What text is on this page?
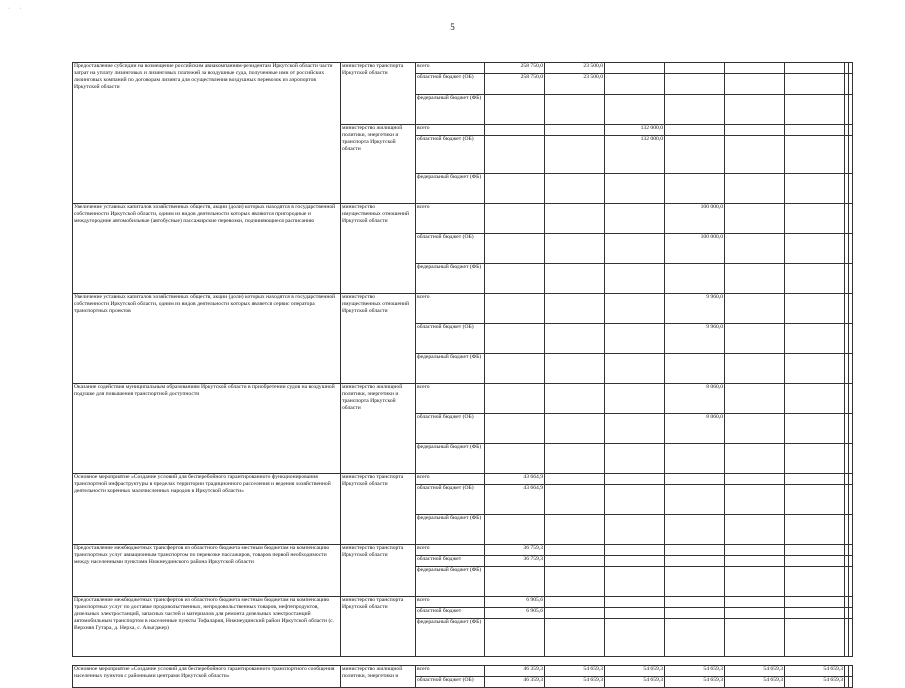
· ·
5
Предоставление субсидии на возмещение российским авиакомпаниям-резидентам Иркутской области части затрат на уплату лизинговых и лизинговых платежей за воздушные суда, полученные ими от российских лизинговых компаний по договорам лизинга для осуществления воздушных перевозок из аэропортов Иркутской области	министерство транспорта Иркутской области	всего	258 750,0	23 500,0						
		областной бюджет (ОБ)	258 750,0	23 500,0						
		федеральный бюджет (ФБ)								
	министерство жилищной политики, энергетики и транспорта Иркутской области	всего			132 000,0					
		областной бюджет (ОБ)			132 000,0					
		федеральный бюджет (ФБ)								
Увеличение уставных капиталов хозяйственных обществ, акции (доли) которых находятся в государственной собственности Иркутской области, одним из видов деятельности которых являются пригородные и междугородние автомобильные (автобусные) пассажирские перевозки, подчиняющиеся расписанию	министерство имущественных отношений Иркутской области	всего				100 000,0				
		областной бюджет (ОБ)				100 000,0				
		федеральный бюджет (ФБ)								
Увеличение уставных капиталов хозяйственных обществ, акции (доли) которых находятся в государственной собственности Иркутской области, одним из видов деятельности которых является сервис оператора транспортных проектов	министерство имущественных отношений Иркутской области	всего				9 960,0				
		областной бюджет (ОБ)				9 960,0				
		федеральный бюджет (ФБ)								
Оказание содействия муниципальным образованиям Иркутской области в приобретении судов на воздушной подушке для повышения транспортной доступности	министерство жилищной политики, энергетики и транспорта Иркутской области	всего				8 060,0				
		областной бюджет (ОБ)				8 060,0				
		федеральный бюджет (ФБ)								
Основное мероприятие «Создание условий для бесперебойного гарантированного функционирования транспортной инфраструктуры в пределах территории традиционного расселения и ведения хозяйственной деятельности коренных малочисленных народов в Иркутской области»	министерство транспорта Иркутской области	всего	43 664,9							
		областной бюджет (ОБ)	43 664,9							
		федеральный бюджет (ФБ)								
Предоставление межбюджетных трансфертов из областного бюджета местным бюджетам на компенсацию транспортных услуг авиационным транспортом по перевозке пассажиров, товаров первой необходимости между населенными пунктами Нижнеудинского района Иркутской области	министерство транспорта Иркутской области	всего	36 759,3							
		областной бюджет	36 759,3							
		федеральный бюджет (ФБ)								
Предоставление межбюджетных трансфертов из областного бюджета местным бюджетам на компенсацию транспортных услуг по доставке продовольственных, непродовольственных товаров, нефтепродуктов, дизельных электростанций, запасных частей и материалов для ремонта дизельных электростанций автомобильным транспортом в населенные пункты Тофалария, Нижнеудинский район Иркутской области (с. Верхняя Гутара, д. Нерха, с. Алыгджер)	министерство транспорта Иркутской области	всего	6 905,6							
		областной бюджет	6 905,6							
		федеральный бюджет (ФБ)								

Основное мероприятие «Создание условий для бесперебойного гарантированного транспортного сообщения населенных пунктов с районными центрами Иркутской области»	министерство жилищной политики, энергетики и	всего	46 359,3	54 659,3	54 659,3	54 659,3	54 659,3	54 659,3		
		областной бюджет (ОБ)	46 359,3	54 659,3	54 659,3	54 659,3	54 659,3	54 659,3		
